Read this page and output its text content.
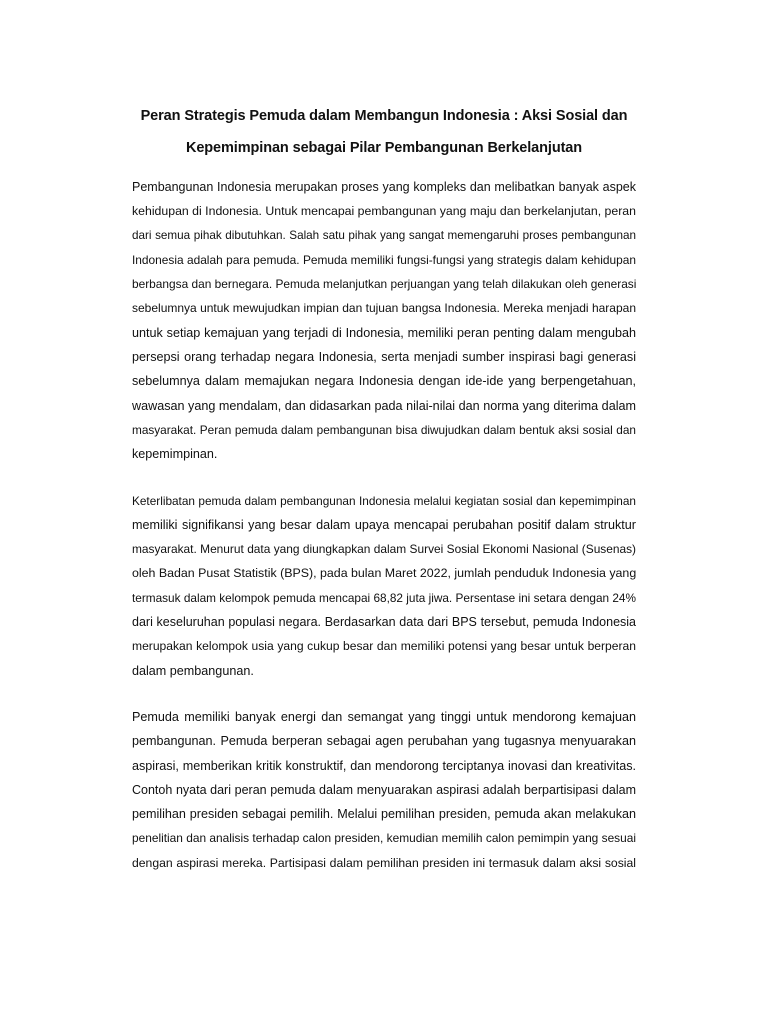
Peran Strategis Pemuda dalam Membangun Indonesia : Aksi Sosial dan
Kepemimpinan sebagai Pilar Pembangunan Berkelanjutan
Pembangunan Indonesia merupakan proses yang kompleks dan melibatkan banyak aspek
kehidupan di Indonesia. Untuk mencapai pembangunan yang maju dan berkelanjutan, peran
dari semua pihak dibutuhkan. Salah satu pihak yang sangat memengaruhi proses pembangunan
Indonesia adalah para pemuda. Pemuda memiliki fungsi-fungsi yang strategis dalam kehidupan
berbangsa dan bernegara. Pemuda melanjutkan perjuangan yang telah dilakukan oleh generasi
sebelumnya untuk mewujudkan impian dan tujuan bangsa Indonesia. Mereka menjadi harapan
untuk setiap kemajuan yang terjadi di Indonesia, memiliki peran penting dalam mengubah
persepsi orang terhadap negara Indonesia, serta menjadi sumber inspirasi bagi generasi
sebelumnya dalam memajukan negara Indonesia dengan ide-ide yang berpengetahuan,
wawasan yang mendalam, dan didasarkan pada nilai-nilai dan norma yang diterima dalam
masyarakat. Peran pemuda dalam pembangunan bisa diwujudkan dalam bentuk aksi sosial dan
kepemimpinan.
Keterlibatan pemuda dalam pembangunan Indonesia melalui kegiatan sosial dan kepemimpinan
memiliki signifikansi yang besar dalam upaya mencapai perubahan positif dalam struktur
masyarakat. Menurut data yang diungkapkan dalam Survei Sosial Ekonomi Nasional (Susenas)
oleh Badan Pusat Statistik (BPS), pada bulan Maret 2022, jumlah penduduk Indonesia yang
termasuk dalam kelompok pemuda mencapai 68,82 juta jiwa. Persentase ini setara dengan 24%
dari keseluruhan populasi negara. Berdasarkan data dari BPS tersebut, pemuda Indonesia
merupakan kelompok usia yang cukup besar dan memiliki potensi yang besar untuk berperan
dalam pembangunan.
Pemuda memiliki banyak energi dan semangat yang tinggi untuk mendorong kemajuan
pembangunan. Pemuda berperan sebagai agen perubahan yang tugasnya menyuarakan
aspirasi, memberikan kritik konstruktif, dan mendorong terciptanya inovasi dan kreativitas.
Contoh nyata dari peran pemuda dalam menyuarakan aspirasi adalah berpartisipasi dalam
pemilihan presiden sebagai pemilih. Melalui pemilihan presiden, pemuda akan melakukan
penelitian dan analisis terhadap calon presiden, kemudian memilih calon pemimpin yang sesuai
dengan aspirasi mereka. Partisipasi dalam pemilihan presiden ini termasuk dalam aksi sosial
